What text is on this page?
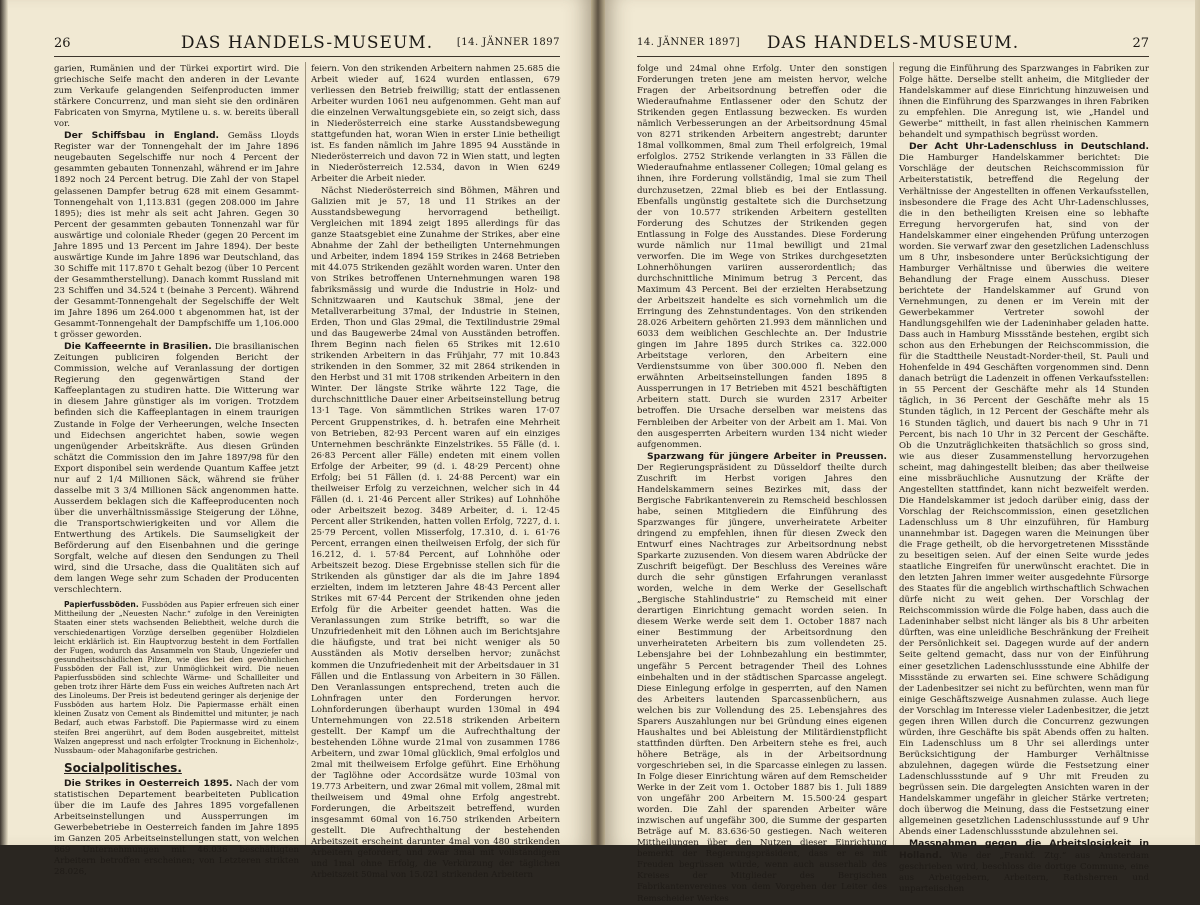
26	DAS HANDELS-MUSEUM.	[14. JÄNNER 1897

garien, Rumänien und der Türkei exportirt wird. Die griechische Seife macht den anderen in der Levante zum Verkaufe gelangenden Seifenproducten immer stärkere Concurrenz, und man sieht sie den ordinären Fabricaten von Smyrna, Mytilene u. s. w. bereits überall vor.

Der Schiffsbau in England. Gemäss Lloyds Register war der Tonnengehalt der im Jahre 1896 neugebauten Segelschiffe nur noch 4 Percent der gesammten gebauten Tonnenzahl, während er im Jahre 1892 noch 24 Percent betrug. Die Zahl der von Stapel gelassenen Dampfer betrug 628 mit einem Gesammt-Tonnengehalt von 1,113.831 (gegen 208.000 im Jahre 1895); dies ist mehr als seit acht Jahren. Gegen 30 Percent der gesammten gebauten Tonnenzahl war für auswärtige und coloniale Rheder (gegen 20 Percent im Jahre 1895 und 13 Percent im Jahre 1894). Der beste auswärtige Kunde im Jahre 1896 war Deutschland, das 30 Schiffe mit 117.870 t Gehalt bezog (über 10 Percent der Gesammtherstellung). Danach kommt Russland mit 23 Schiffen und 34.524 t (beinahe 3 Percent). Während der Gesammt-Tonnengehalt der Segelschiffe der Welt im Jahre 1896 um 264.000 t abgenommen hat, ist der Gesammt-Tonnengehalt der Dampfschiffe um 1,106.000 t grösser geworden.

Die Kaffeeernte in Brasilien. Die brasilianischen Zeitungen publiciren folgenden Bericht der Commission, welche auf Veranlassung der dortigen Regierung den gegenwärtigen Stand der Kaffeeplantagen zu studiren hatte. Die Witterung war in diesem Jahre günstiger als im vorigen. Trotzdem befinden sich die Kaffeeplantagen in einem traurigen Zustande in Folge der Verheerungen, welche Insecten und Eidechsen angerichtet haben, sowie wegen ungenügender Arbeitskräfte. Aus diesen Gründen schätzt die Commission den im Jahre 1897/98 für den Export disponibel sein werdende Quantum Kaffee jetzt nur auf 2 1/4 Millionen Säck, während sie früher dasselbe mit 3 3/4 Millionen Säck angenommen hatte. Ausserdem beklagen sich die Kaffeeproducenten noch über die unverhältnissmässige Steigerung der Löhne, die Transportschwierigkeiten und vor Allem die Entwerthung des Artikels. Die Saumseligkeit der Beförderung auf den Eisenbahnen und die geringe Sorgfalt, welche auf diesen den Sendungen zu Theil wird, sind die Ursache, dass die Qualitäten sich auf dem langen Wege sehr zum Schaden der Producenten verschlechtern.

Papierfussböden. Fussböden aus Papier erfreuen sich einer Mittheilung der „Neuesten Nachr.“ zufolge in den Vereinigten Staaten einer stets wachsenden Beliebtheit, welche durch die verschiedenartigen Vorzüge derselben gegenüber Holzdielen leicht erklärlich ist. Ein Hauptvorzug besteht in dem Fortfallen der Fugen, wodurch das Ansammeln von Staub, Ungeziefer und gesundheitsschädlichen Pilzen, wie dies bei den gewöhnlichen Fussböden der Fall ist, zur Unmöglichkeit wird. Die neuen Papierfussböden sind schlechte Wärme- und Schallleiter und geben trotz ihrer Härte dem Fuss ein weiches Auftreten nach Art des Linoleums. Der Preis ist bedeutend geringer als derjenige der Fussböden aus hartem Holz. Die Papiermasse erhält einen kleinen Zusatz von Cement als Bindemittel und mitunter, je nach Bedarf, auch etwas Farbstoff. Die Papiermasse wird zu einem steifen Brei angerührt, auf dem Boden ausgebreitet, mittelst Walzen angepresst und nach erfolgter Trocknung in Eichenholz-, Nussbaum- oder Mahagonifarbe gestrichen.

Socialpolitisches.

Die Strikes in Oesterreich 1895. Nach der vom statistischen Departement bearbeiteten Publication über die im Laufe des Jahres 1895 vorgefallenen Arbeitseinstellungen und Aussperrungen im Gewerbebetriebe in Oesterreich fanden im Jahre 1895 im Ganzen 205 Arbeitseinstellungen statt, von welchen 869 Unternehmungen mit 46.036 beschäftigten Arbeitern betroffen erscheinen; von Letzteren strikten 28.026,

feiern. Von den strikenden Arbeitern nahmen 25.685 die Arbeit wieder auf, 1624 wurden entlassen, 679 verliessen den Betrieb freiwillig; statt der entlassenen Arbeiter wurden 1061 neu aufgenommen. Geht man auf die einzelnen Verwaltungsgebiete ein, so zeigt sich, dass in Niederösterreich eine starke Ausstandsbewegung stattgefunden hat, woran Wien in erster Linie betheiligt ist. Es fanden nämlich im Jahre 1895 94 Ausstände in Niederösterreich und davon 72 in Wien statt, und legten in Niederösterreich 12.534, davon in Wien 6249 Arbeiter die Arbeit nieder.

Nächst Niederösterreich sind Böhmen, Mähren und Galizien mit je 57, 18 und 11 Strikes an der Ausstandsbewegung hervorragend betheiligt. Vergleichen mit 1894 zeigt 1895 allerdings für das ganze Staatsgebiet eine Zunahme der Strikes, aber eine Abnahme der Zahl der betheiligten Unternehmungen und Arbeiter, indem 1894 159 Strikes in 2468 Betrieben mit 44.075 Strikenden gezählt worden waren. Unter den von Strikes betroffenen Unternehmungen waren 198 fabriksmässig und wurde die Industrie in Holz- und Schnitzwaaren und Kautschuk 38mal, jene der Metallverarbeitung 37mal, der Industrie in Steinen, Erden, Thon und Glas 29mal, die Textilindustrie 29mal und das Baugewerbe 24mal von Ausständen betroffen. Ihrem Beginn nach fielen 65 Strikes mit 12.610 strikenden Arbeitern in das Frühjahr, 77 mit 10.843 strikenden in den Sommer, 32 mit 2864 strikenden in den Herbst und 31 mit 1708 strikenden Arbeitern in den Winter. Der längste Strike währte 122 Tage, die durchschnittliche Dauer einer Arbeitseinstellung betrug 13·1 Tage. Von sämmtlichen Strikes waren 17·07 Percent Gruppenstrikes, d. h. betrafen eine Mehrheit von Betrieben, 82·93 Percent waren auf ein einziges Unternehmen beschränkte Einzelstrikes. 55 Fälle (d. i. 26·83 Percent aller Fälle) endeten mit einem vollen Erfolge der Arbeiter, 99 (d. i. 48·29 Percent) ohne Erfolg; bei 51 Fällen (d. i. 24·88 Percent) war ein theilweiser Erfolg zu verzeichnen, welcher sich in 44 Fällen (d. i. 21·46 Percent aller Strikes) auf Lohnhöhe oder Arbeitszeit bezog. 3489 Arbeiter, d. i. 12·45 Percent aller Strikenden, hatten vollen Erfolg, 7227, d. i. 25·79 Percent, vollen Misserfolg, 17.310, d. i. 61·76 Percent, errangen einen theilweisen Erfolg, der sich für 16.212, d. i. 57·84 Percent, auf Lohnhöhe oder Arbeitszeit bezog. Diese Ergebnisse stellen sich für die Strikenden als günstiger dar als die im Jahre 1894 erzielten, indem im letzteren Jahre 48·43 Percent aller Strikes mit 67·44 Percent der Strikenden ohne jeden Erfolg für die Arbeiter geendet hatten. Was die Veranlassungen zum Strike betrifft, so war die Unzufriedenheit mit den Löhnen auch im Berichtsjahre die häufigste, und trat bei nicht weniger als 50 Ausständen als Motiv derselben hervor; zunächst kommen die Unzufriedenheit mit der Arbeitsdauer in 31 Fällen und die Entlassung von Arbeitern in 30 Fällen. Den Veranlassungen entsprechend, treten auch die Lohnfragen unter den Forderungen hervor. Lohnforderungen überhaupt wurden 130mal in 494 Unternehmungen von 22.518 strikenden Arbeitern gestellt. Der Kampf um die Aufrechthaltung der bestehenden Löhne wurde 21mal von zusammen 1786 Arbeitern, und zwar 10mal glücklich, 9mal erfolglos und 2mal mit theilweisem Erfolge geführt. Eine Erhöhung der Taglöhne oder Accordsätze wurde 103mal von 19.773 Arbeitern, und zwar 26mal mit vollem, 28mal mit theilweisem und 49mal ohne Erfolg angestrebt. Forderungen, die Arbeitszeit betreffend, wurden insgesammt 60mal von 16.750 strikenden Arbeitern gestellt. Die Aufrechthaltung der bestehenden Arbeitszeit erscheint darunter 4mal von 480 strikenden Arbeitern gefordert, und zwar 3mal mit vollständigem und 1mal ohne Erfolg, die Verkürzung der täglichen Arbeitszeit 50mal von 15.021 strikenden Arbeitern

14. JÄNNER 1897]	DAS HANDELS-MUSEUM.	27

folge und 24mal ohne Erfolg. Unter den sonstigen Forderungen treten jene am meisten hervor, welche Fragen der Arbeitsordnung betreffen oder die Wiederaufnahme Entlassener oder den Schutz der Strikenden gegen Entlassung bezwecken. Es wurden nämlich Verbesserungen an der Arbeitsordnung 45mal von 8271 strikenden Arbeitern angestrebt; darunter 18mal vollkommen, 8mal zum Theil erfolgreich, 19mal erfolglos. 2752 Strikende verlangten in 33 Fällen die Wiederaufnahme entlassener Collegen; 10mal gelang es ihnen, ihre Forderung vollständig, 1mal sie zum Theil durchzusetzen, 22mal blieb es bei der Entlassung. Ebenfalls ungünstig gestaltete sich die Durchsetzung der von 10.577 strikenden Arbeitern gestellten Forderung des Schutzes der Strikenden gegen Entlassung in Folge des Ausstandes. Diese Forderung wurde nämlich nur 11mal bewilligt und 21mal verworfen. Die im Wege von Strikes durchgesetzten Lohnerhöhungen variiren ausserordentlich; das durchschnittliche Minimum betrug 3 Percent, das Maximum 43 Percent. Bei der erzielten Herabsetzung der Arbeitszeit handelte es sich vornehmlich um die Erringung des Zehnstundentages. Von den strikenden 28.026 Arbeitern gehörten 21.993 dem männlichen und 6033 dem weiblichen Geschlechte an. Der Industrie gingen im Jahre 1895 durch Strikes ca. 322.000 Arbeitstage verloren, den Arbeitern eine Verdienstsumme von über 300.000 fl. Neben den erwähnten Arbeitseinstellungen fanden 1895 8 Aussperrungen in 17 Betrieben mit 4521 beschäftigten Arbeitern statt. Durch sie wurden 2317 Arbeiter betroffen. Die Ursache derselben war meistens das Fernbleiben der Arbeiter von der Arbeit am 1. Mai. Von den ausgesperrten Arbeitern wurden 134 nicht wieder aufgenommen.

Sparzwang für jüngere Arbeiter in Preussen. Der Regierungspräsident zu Düsseldorf theilte durch Zuschrift im Herbst vorigen Jahres den Handelskammern seines Bezirkes mit, dass der Bergische Fabrikantenverein zu Remscheid beschlossen habe, seinen Mitgliedern die Einführung des Sparzwanges für jüngere, unverheiratete Arbeiter dringend zu empfehlen, ihnen für diesen Zweck den Entwurf eines Nachtrages zur Arbeitsordnung nebst Sparkarte zuzusenden. Von diesem waren Abdrücke der Zuschrift beigefügt. Der Beschluss des Vereines wäre durch die sehr günstigen Erfahrungen veranlasst worden, welche in dem Werke der Gesellschaft „Bergische Stahlindustrie“ zu Remscheid mit einer derartigen Einrichtung gemacht worden seien. In diesem Werke werde seit dem 1. October 1887 nach einer Bestimmung der Arbeitsordnung den unverheirateten Arbeitern bis zum vollendeten 25. Lebensjahre bei der Lohnbezahlung ein bestimmter, ungefähr 5 Percent betragender Theil des Lohnes einbehalten und in der städtischen Sparcasse angelegt. Diese Einlegung erfolge in gesperrten, auf den Namen des Arbeiters lautenden Sparcassenbüchern, aus welchen bis zur Vollendung des 25. Lebensjahres des Sparers Auszahlungen nur bei Gründung eines eigenen Haushaltes und bei Ableistung der Militärdienstpflicht stattfinden dürften. Den Arbeitern stehe es frei, auch höhere Beträge, als in der Arbeitsordnung vorgeschrieben sei, in die Sparcasse einlegen zu lassen. In Folge dieser Einrichtung wären auf dem Remscheider Werke in der Zeit vom 1. October 1887 bis 1. Juli 1889 von ungefähr 200 Arbeitern M. 15.500·24 gespart worden. Die Zahl der sparenden Arbeiter wäre inzwischen auf ungefähr 300, die Summe der gesparten Beträge auf M. 83.636·50 gestiegen. Nach weiteren Mittheilungen über den Nutzen dieser Einrichtung bemerkt der Regierungspräsident, dass er es mit Freuden begrüssen würde, wenn auch ausserhalb des Kreises der Mitglieder des Bergischen Fabrikantenvereines von dem Vorgehen der Leiter des Remscheider Werkes

regung die Einführung des Sparzwanges in Fabriken zur Folge hätte. Derselbe stellt anheim, die Mitglieder der Handelskammer auf diese Einrichtung hinzuweisen und ihnen die Einführung des Sparzwanges in ihren Fabriken zu empfehlen. Die Anregung ist, wie „Handel und Gewerbe“ mittheilt, in fast allen rheinischen Kammern behandelt und sympathisch begrüsst worden.

Der Acht Uhr-Ladenschluss in Deutschland. Die Hamburger Handelskammer berichtet: Die Vorschläge der deutschen Reichscommission für Arbeiterstatistik, betreffend die Regelung der Verhältnisse der Angestellten in offenen Verkaufsstellen, insbesondere die Frage des Acht Uhr-Ladenschlusses, die in den betheiligten Kreisen eine so lebhafte Erregung hervorgerufen hat, sind von der Handelskammer einer eingehenden Prüfung unterzogen worden. Sie verwarf zwar den gesetzlichen Ladenschluss um 8 Uhr, insbesondere unter Berücksichtigung der Hamburger Verhältnisse und überwies die weitere Behandlung der Frage einem Ausschuss. Dieser berichtete der Handelskammer auf Grund von Vernehmungen, zu denen er im Verein mit der Gewerbekammer Vertreter sowohl der Handlungsgehilfen wie der Ladeninhaber geladen hatte. Dass auch in Hamburg Missstände bestehen, ergibt sich schon aus den Erhebungen der Reichscommission, die für die Stadttheile Neustadt-Norder-theil, St. Pauli und Hohenfelde in 494 Geschäften vorgenommen sind. Denn danach betrügt die Ladenzeit in offenen Verkaufsstellen: in 55 Percent der Geschäfte mehr als 14 Stunden täglich, in 36 Percent der Geschäfte mehr als 15 Stunden täglich, in 12 Percent der Geschäfte mehr als 16 Stunden täglich, und dauert bis nach 9 Uhr in 71 Percent, bis nach 10 Uhr in 32 Percent der Geschäfte. Ob die Unzuträglichkeiten thatsächlich so gross sind, wie aus dieser Zusammenstellung hervorzugehen scheint, mag dahingestellt bleiben; das aber theilweise eine missbräuchliche Ausnutzung der Kräfte der Angestellten stattfindet, kann nicht bezweifelt werden. Die Handelskammer ist jedoch darüber einig, dass der Vorschlag der Reichscommission, einen gesetzlichen Ladenschluss um 8 Uhr einzuführen, für Hamburg unannehmbar ist. Dagegen waren die Meinungen über die Frage getheilt, ob die hervorgetretenen Missstände zu beseitigen seien. Auf der einen Seite wurde jedes staatliche Eingreifen für unerwünscht erachtet. Die in den letzten Jahren immer weiter ausgedehnte Fürsorge des Staates für die angeblich wirthschaftlich Schwachen dürfe nicht zu weit gehen. Der Vorschlag der Reichscommission würde die Folge haben, dass auch die Ladeninhaber selbst nicht länger als bis 8 Uhr arbeiten dürften, was eine unleidliche Beschränkung der Freiheit der Persönlichkeit sei. Dagegen wurde auf der andern Seite geltend gemacht, dass nur von der Einführung einer gesetzlichen Ladenschlussstunde eine Abhilfe der Missstände zu erwarten sei. Eine schwere Schädigung der Ladenbesitzer sei nicht zu befürchten, wenn man für einige Geschäftszweige Ausnahmen zulasse. Auch liege der Vorschlag im Interesse vieler Ladenbesitzer, die jetzt gegen ihren Willen durch die Concurrenz gezwungen würden, ihre Geschäfte bis spät Abends offen zu halten. Ein Ladenschluss um 8 Uhr sei allerdings unter Berücksichtigung der Hamburger Verhältnisse abzulehnen, dagegen würde die Festsetzung einer Ladenschlussstunde auf 9 Uhr mit Freuden zu begrüssen sein. Die dargelegten Ansichten waren in der Handelskammer ungefähr in gleicher Stärke vertreten; doch überwog die Meinung, dass die Festsetzung einer allgemeinen gesetzlichen Ladenschlussstunde auf 9 Uhr Abends einer Ladenschlussstunde abzulehnen sei.

Massnahmen gegen die Arbeitslosigkeit in Holland. Wie der „Frankf. Ztg.“ aus Amsterdam geschrieben wird, beschloss die dortige Commune, eine aus Arbeitgebern, Arbeitern, Rathsherren und unparteiischen
